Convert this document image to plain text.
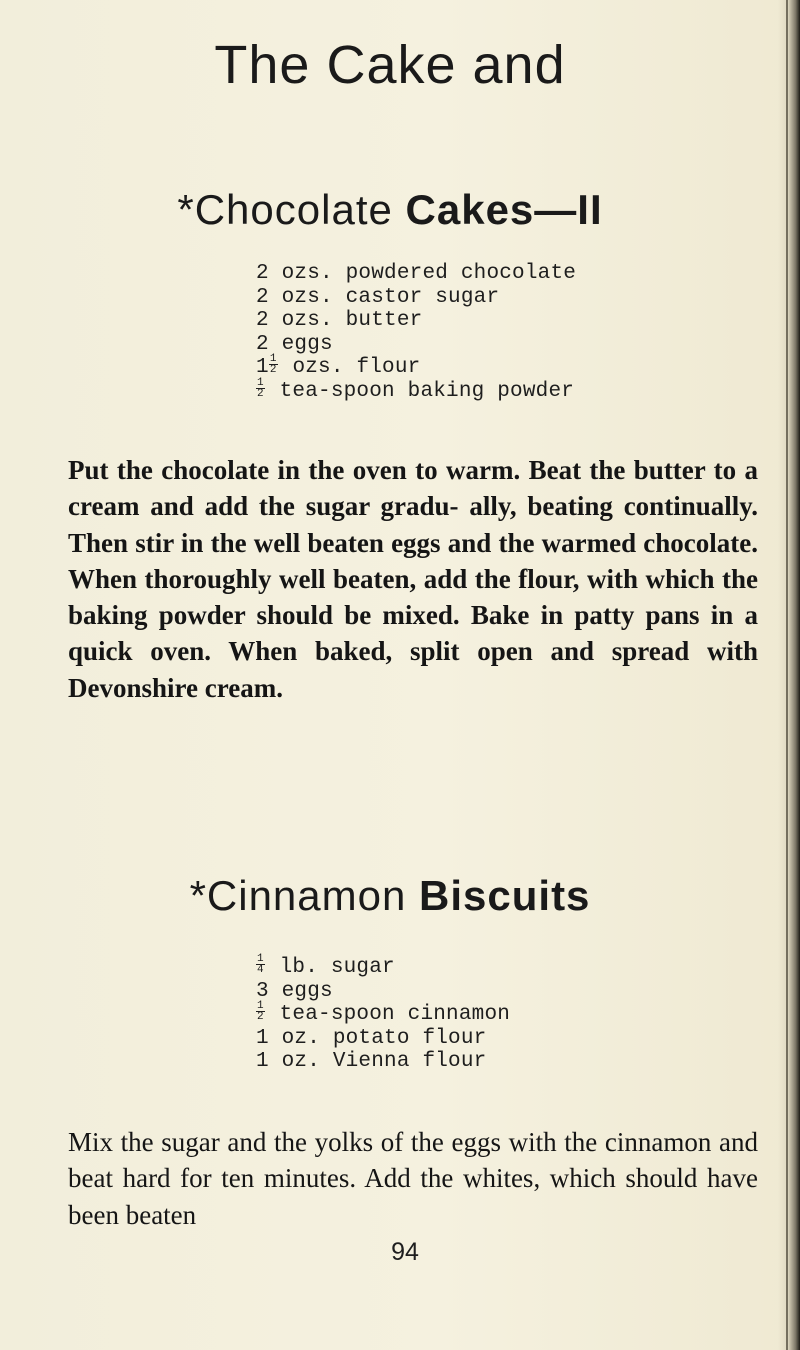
The Cake and
*Chocolate Cakes—II
2 ozs. powdered chocolate
2 ozs. castor sugar
2 ozs. butter
2 eggs
$1 \frac{1}{2}$ ozs. flour
$\frac{1}{2}$ tea-spoon baking powder

Put the chocolate in the oven to warm. Beat the butter to a cream and add the sugar gradu- ally, beating continually. Then stir in the well beaten eggs and the warmed chocolate. When thoroughly well beaten, add the flour, with which the baking powder should be mixed. Bake in patty pans in a quick oven. When baked, split open and spread with Devonshire cream.

*Cinnamon Biscuits
$\frac{1}{4}$ lb. sugar
3 eggs
$\frac{1}{2}$ tea-spoon cinnamon
1 oz. potato flour
1 oz. Vienna flour

Mix the sugar and the yolks of the eggs with the cinnamon and beat hard for ten minutes. Add the whites, which should have been beaten

94
